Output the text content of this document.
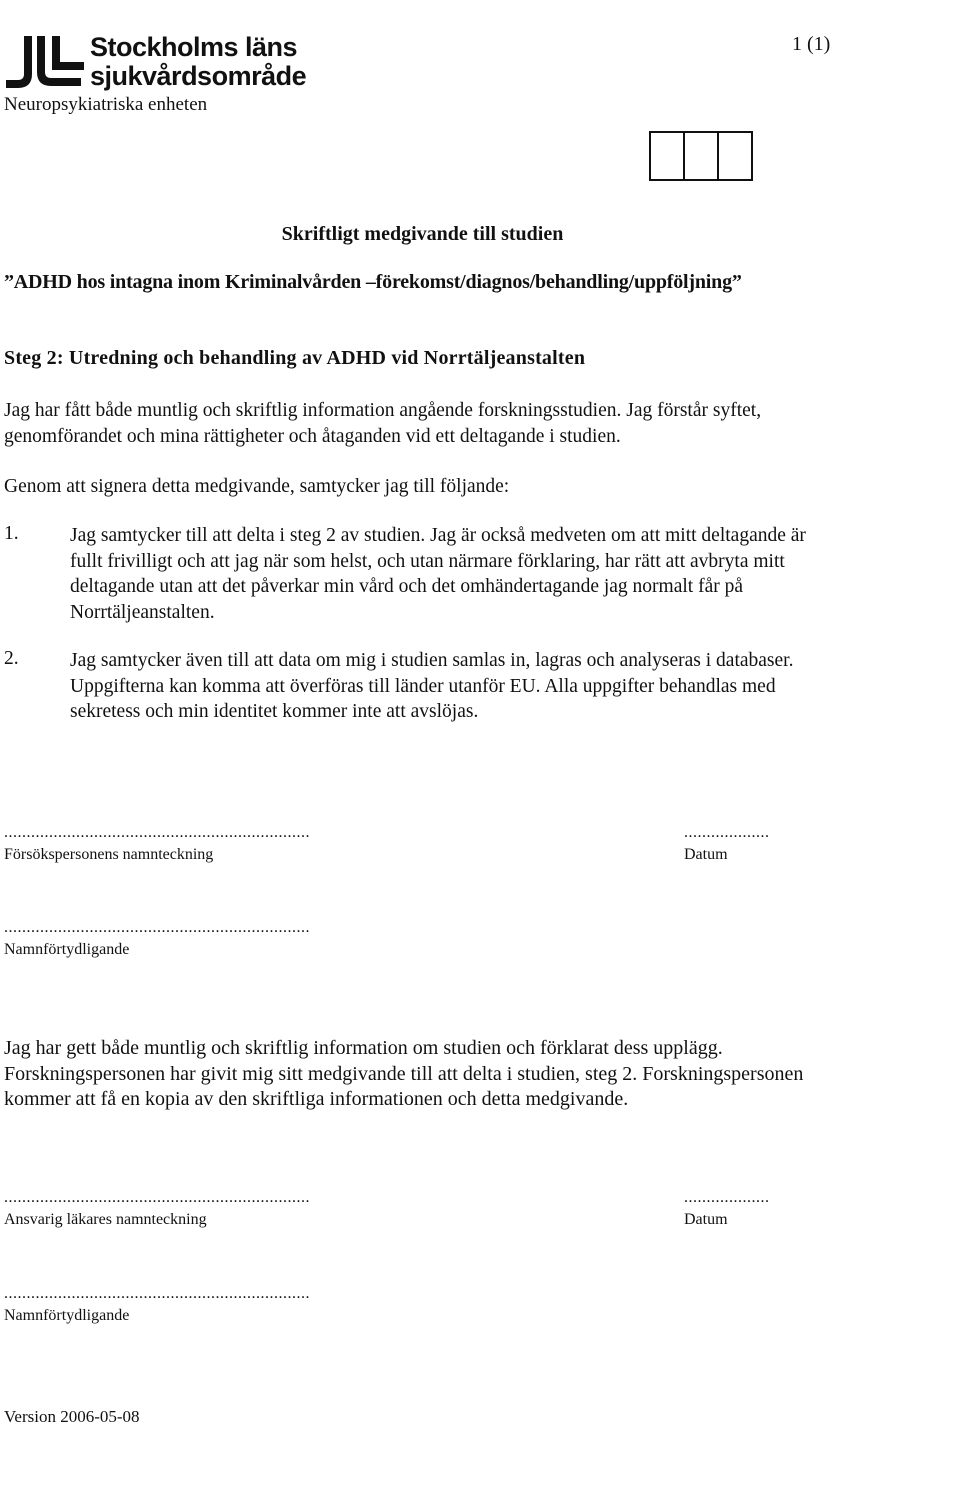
Stockholms läns
sjukvårdsområde
Neuropsykiatriska enheten
1 (1)
Skriftligt medgivande till studien
”ADHD hos intagna inom Kriminalvården –förekomst/diagnos/behandling/uppföljning”
Steg 2: Utredning och behandling av ADHD vid Norrtäljeanstalten
Jag har fått både muntlig och skriftlig information angående forskningsstudien. Jag förstår syftet, genomförandet och mina rättigheter och åtaganden vid ett deltagande i studien.
Genom att signera detta medgivande, samtycker jag till följande:
1.	Jag samtycker till att delta i steg 2 av studien. Jag är också medveten om att mitt deltagande är fullt frivilligt och att jag när som helst, och utan närmare förklaring, har rätt att avbryta mitt deltagande utan att det påverkar min vård och det omhändertagande jag normalt får på Norrtäljeanstalten.
2.	Jag samtycker även till att data om mig i studien samlas in, lagras och analyseras i databaser. Uppgifterna kan komma att överföras till länder utanför EU. Alla uppgifter behandlas med sekretess och min identitet kommer inte att avslöjas.
....................................................................	...................
Försökspersonens namnteckning	Datum
....................................................................
Namnförtydligande
Jag har gett både muntlig och skriftlig information om studien och förklarat dess upplägg. Forskningspersonen har givit mig sitt medgivande till att delta i studien, steg 2. Forskningspersonen kommer att få en kopia av den skriftliga informationen och detta medgivande.
....................................................................	...................
Ansvarig läkares namnteckning	Datum
....................................................................
Namnförtydligande
Version 2006-05-08
